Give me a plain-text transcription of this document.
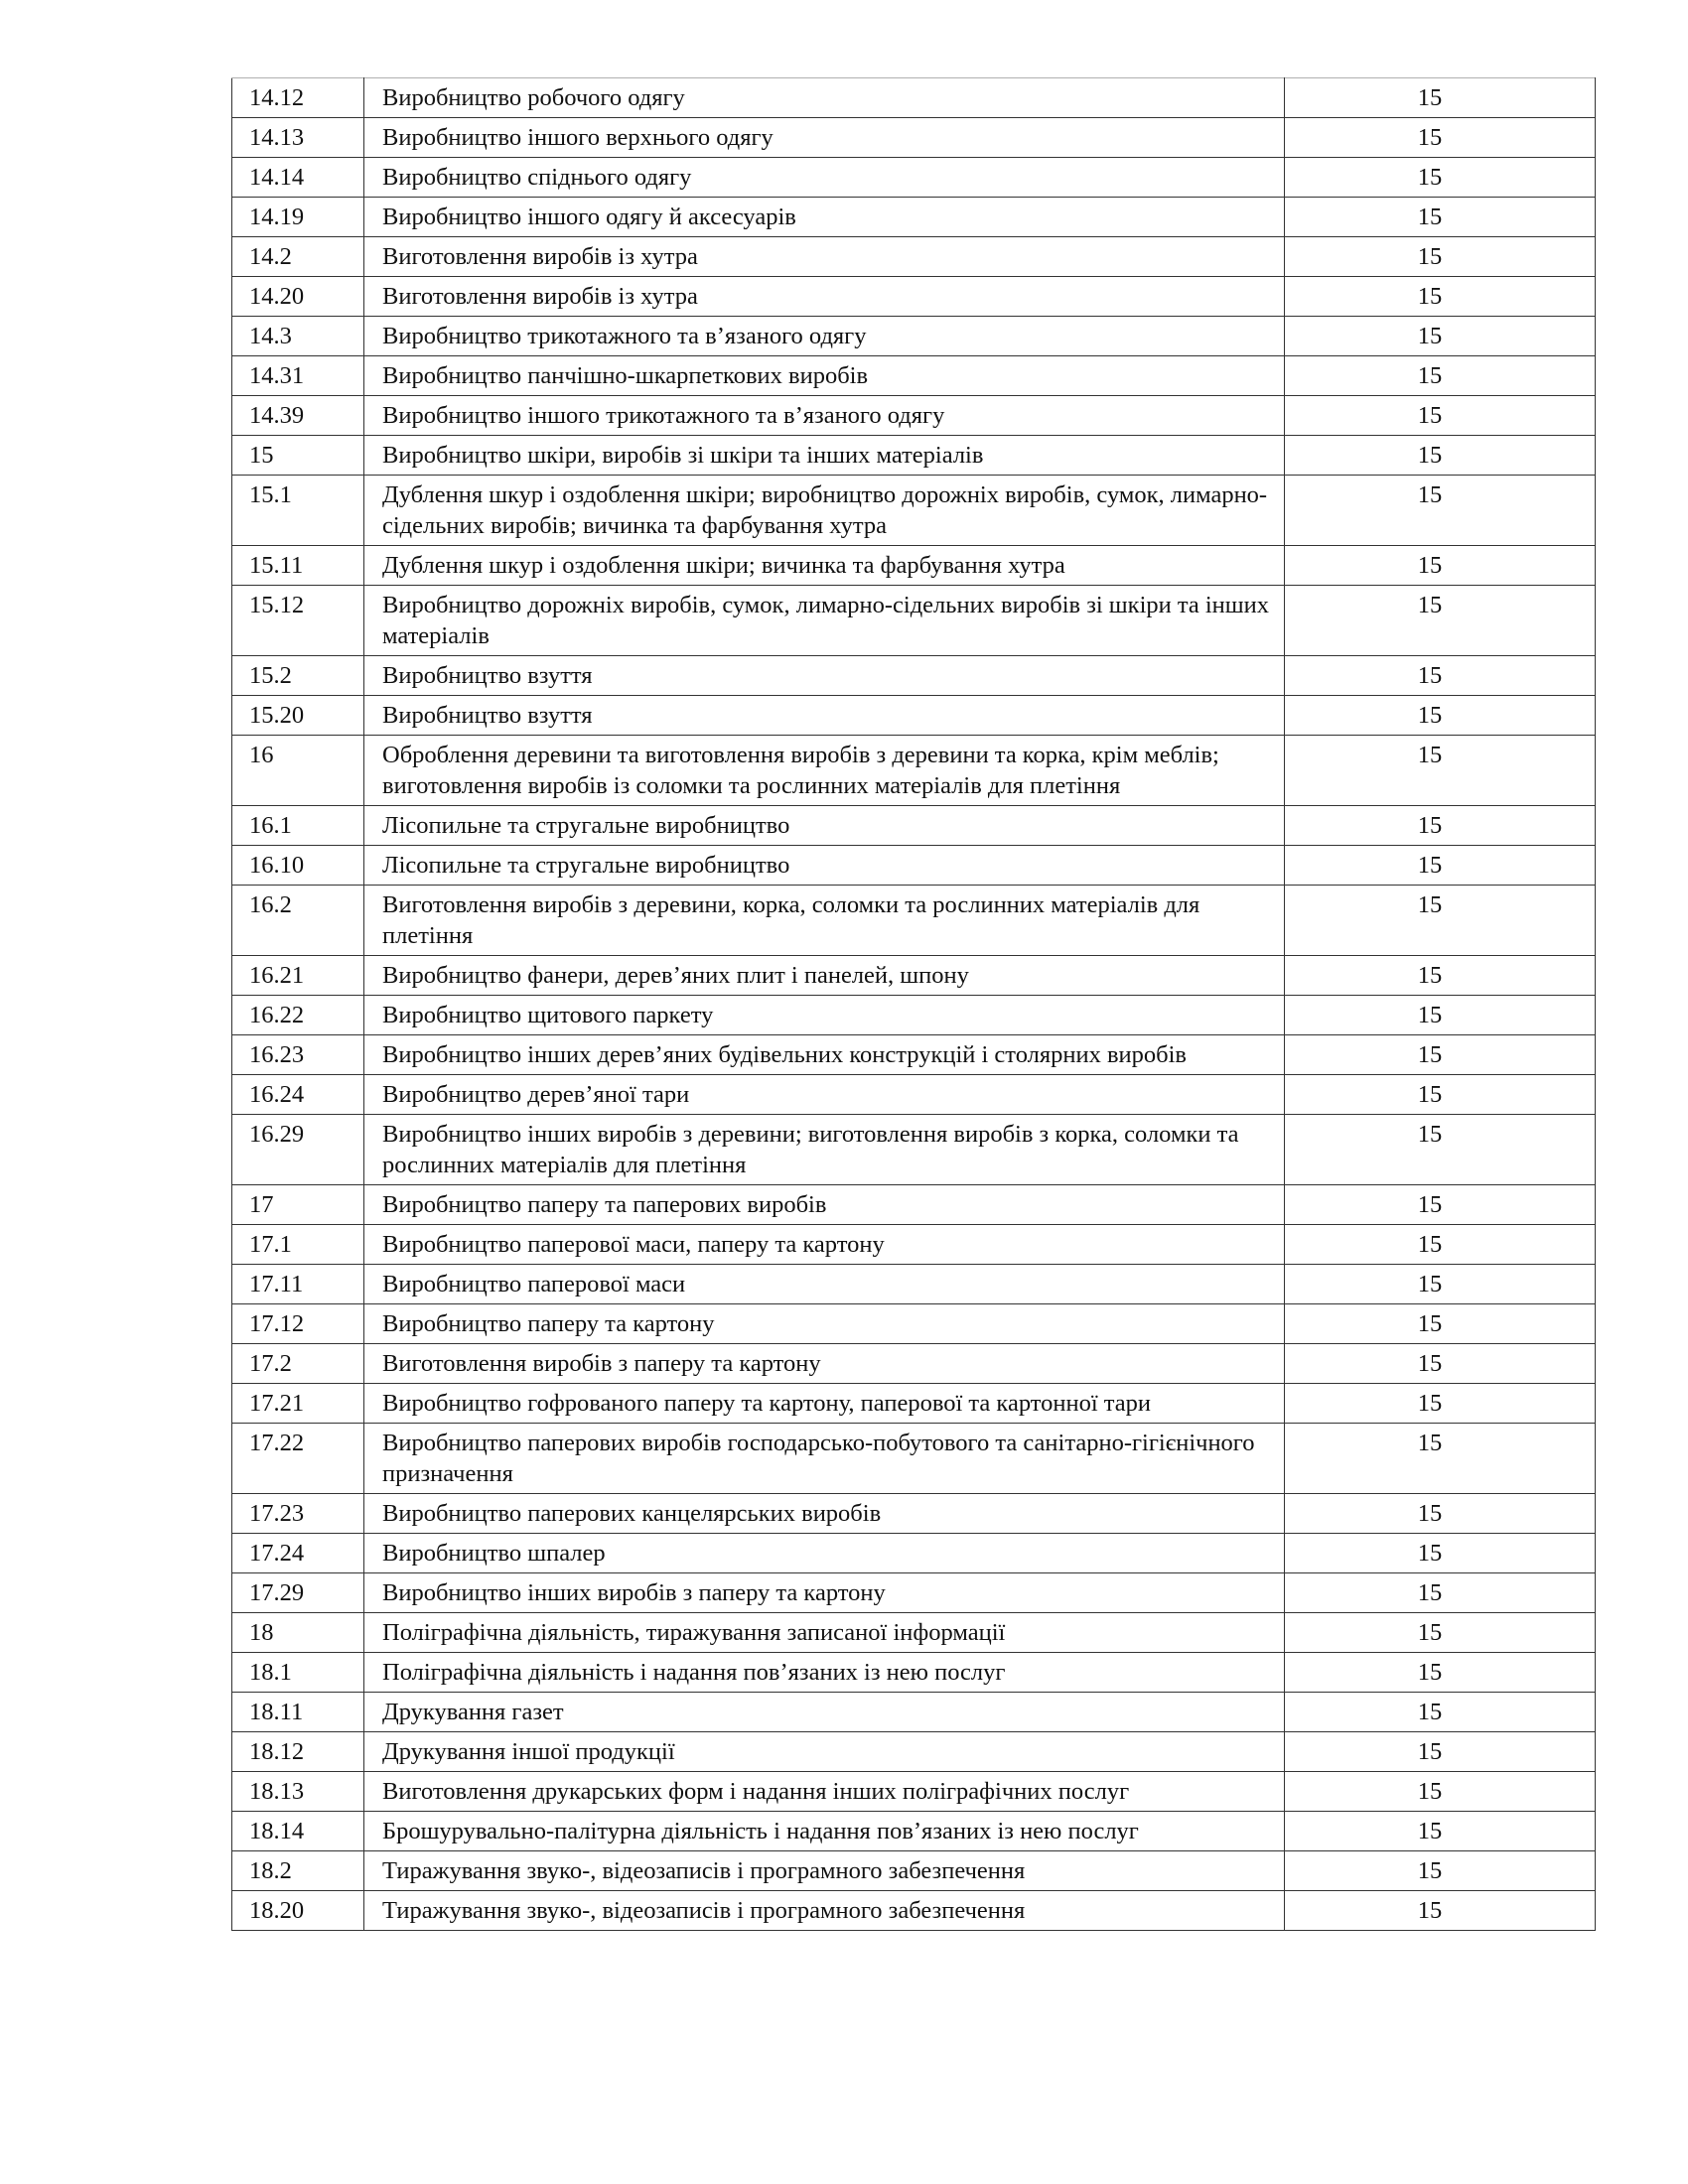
14.12	Виробництво робочого одягу	15
14.13	Виробництво іншого верхнього одягу	15
14.14	Виробництво спіднього одягу	15
14.19	Виробництво іншого одягу й аксесуарів	15
14.2	Виготовлення виробів із хутра	15
14.20	Виготовлення виробів із хутра	15
14.3	Виробництво трикотажного та в’язаного одягу	15
14.31	Виробництво панчішно-шкарпеткових виробів	15
14.39	Виробництво іншого трикотажного та в’язаного одягу	15
15	Виробництво шкіри, виробів зі шкіри та інших матеріалів	15
15.1	Дублення шкур і оздоблення шкіри; виробництво дорожніх виробів, сумок, лимарно-сідельних виробів; вичинка та фарбування хутра	15
15.11	Дублення шкур і оздоблення шкіри; вичинка та фарбування хутра	15
15.12	Виробництво дорожніх виробів, сумок, лимарно-сідельних виробів зі шкіри та інших матеріалів	15
15.2	Виробництво взуття	15
15.20	Виробництво взуття	15
16	Оброблення деревини та виготовлення виробів з деревини та корка, крім меблів; виготовлення виробів із соломки та рослинних матеріалів для плетіння	15
16.1	Лісопильне та стругальне виробництво	15
16.10	Лісопильне та стругальне виробництво	15
16.2	Виготовлення виробів з деревини, корка, соломки та рослинних матеріалів для плетіння	15
16.21	Виробництво фанери, дерев’яних плит і панелей, шпону	15
16.22	Виробництво щитового паркету	15
16.23	Виробництво інших дерев’яних будівельних конструкцій і столярних виробів	15
16.24	Виробництво дерев’яної тари	15
16.29	Виробництво інших виробів з деревини; виготовлення виробів з корка, соломки та рослинних матеріалів для плетіння	15
17	Виробництво паперу та паперових виробів	15
17.1	Виробництво паперової маси, паперу та картону	15
17.11	Виробництво паперової маси	15
17.12	Виробництво паперу та картону	15
17.2	Виготовлення виробів з паперу та картону	15
17.21	Виробництво гофрованого паперу та картону, паперової та картонної тари	15
17.22	Виробництво паперових виробів господарсько-побутового та санітарно-гігієнічного призначення	15
17.23	Виробництво паперових канцелярських виробів	15
17.24	Виробництво шпалер	15
17.29	Виробництво інших виробів з паперу та картону	15
18	Поліграфічна діяльність, тиражування записаної інформації	15
18.1	Поліграфічна діяльність і надання пов’язаних із нею послуг	15
18.11	Друкування газет	15
18.12	Друкування іншої продукції	15
18.13	Виготовлення друкарських форм і надання інших поліграфічних послуг	15
18.14	Брошурувально-палітурна діяльність і надання пов’язаних із нею послуг	15
18.2	Тиражування звуко-, відеозаписів і програмного забезпечення	15
18.20	Тиражування звуко-, відеозаписів і програмного забезпечення	15
